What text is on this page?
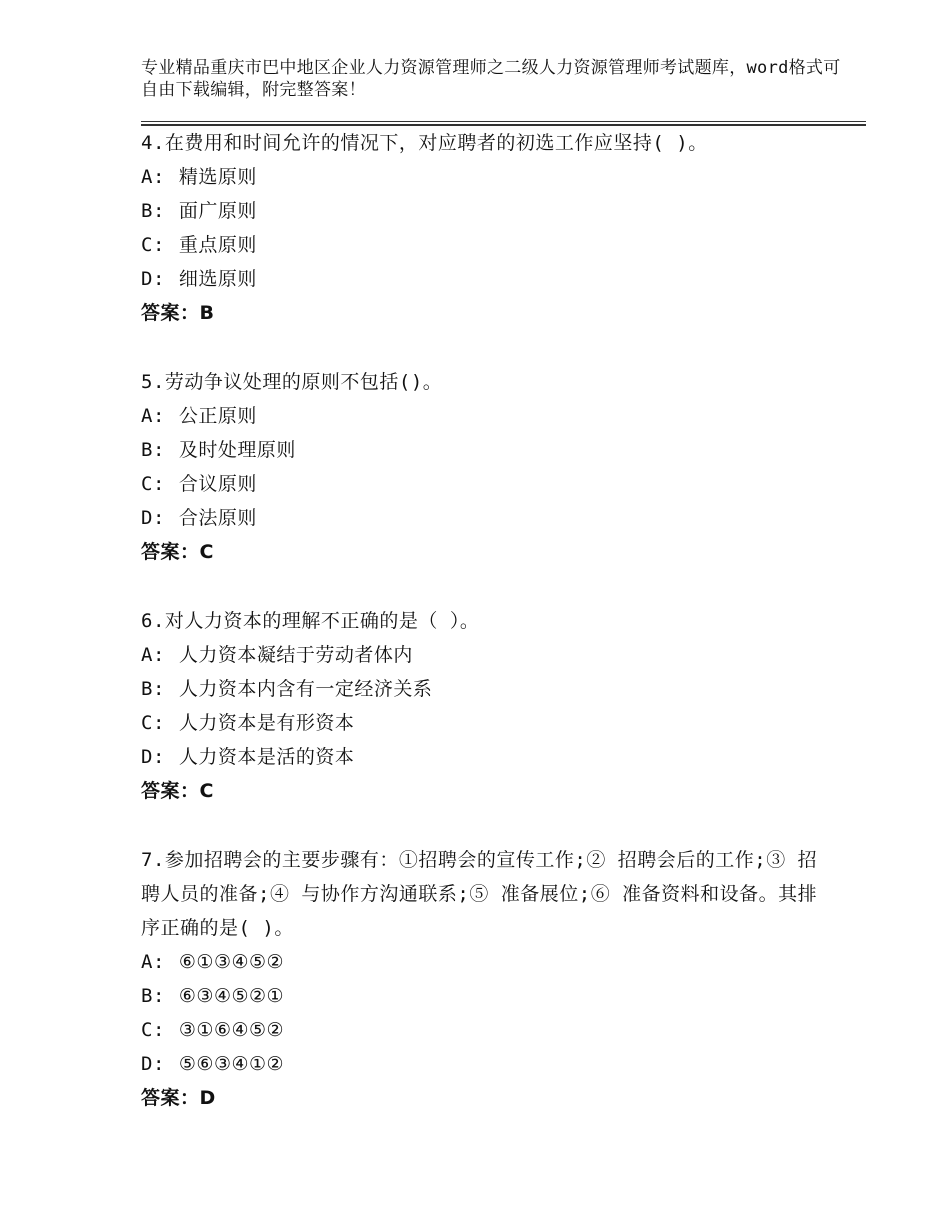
专业精品重庆市巴中地区企业人力资源管理师之二级人力资源管理师考试题库，word格式可自由下载编辑，附完整答案！

4.在费用和时间允许的情况下，对应聘者的初选工作应坚持( )。

A: 精选原则

B: 面广原则

C: 重点原则

D: 细选原则

答案：B

5.劳动争议处理的原则不包括()。

A: 公正原则

B: 及时处理原则

C: 合议原则

D: 合法原则

答案：C

6.对人力资本的理解不正确的是（ ）。

A: 人力资本凝结于劳动者体内

B: 人力资本内含有一定经济关系

C: 人力资本是有形资本

D: 人力资本是活的资本

答案：C

7.参加招聘会的主要步骤有：①招聘会的宣传工作;② 招聘会后的工作;③ 招聘人员的准备;④ 与协作方沟通联系;⑤ 准备展位;⑥ 准备资料和设备。其排序正确的是( )。

A: ⑥①③④⑤②

B: ⑥③④⑤②①

C: ③①⑥④⑤②

D: ⑤⑥③④①②

答案：D
